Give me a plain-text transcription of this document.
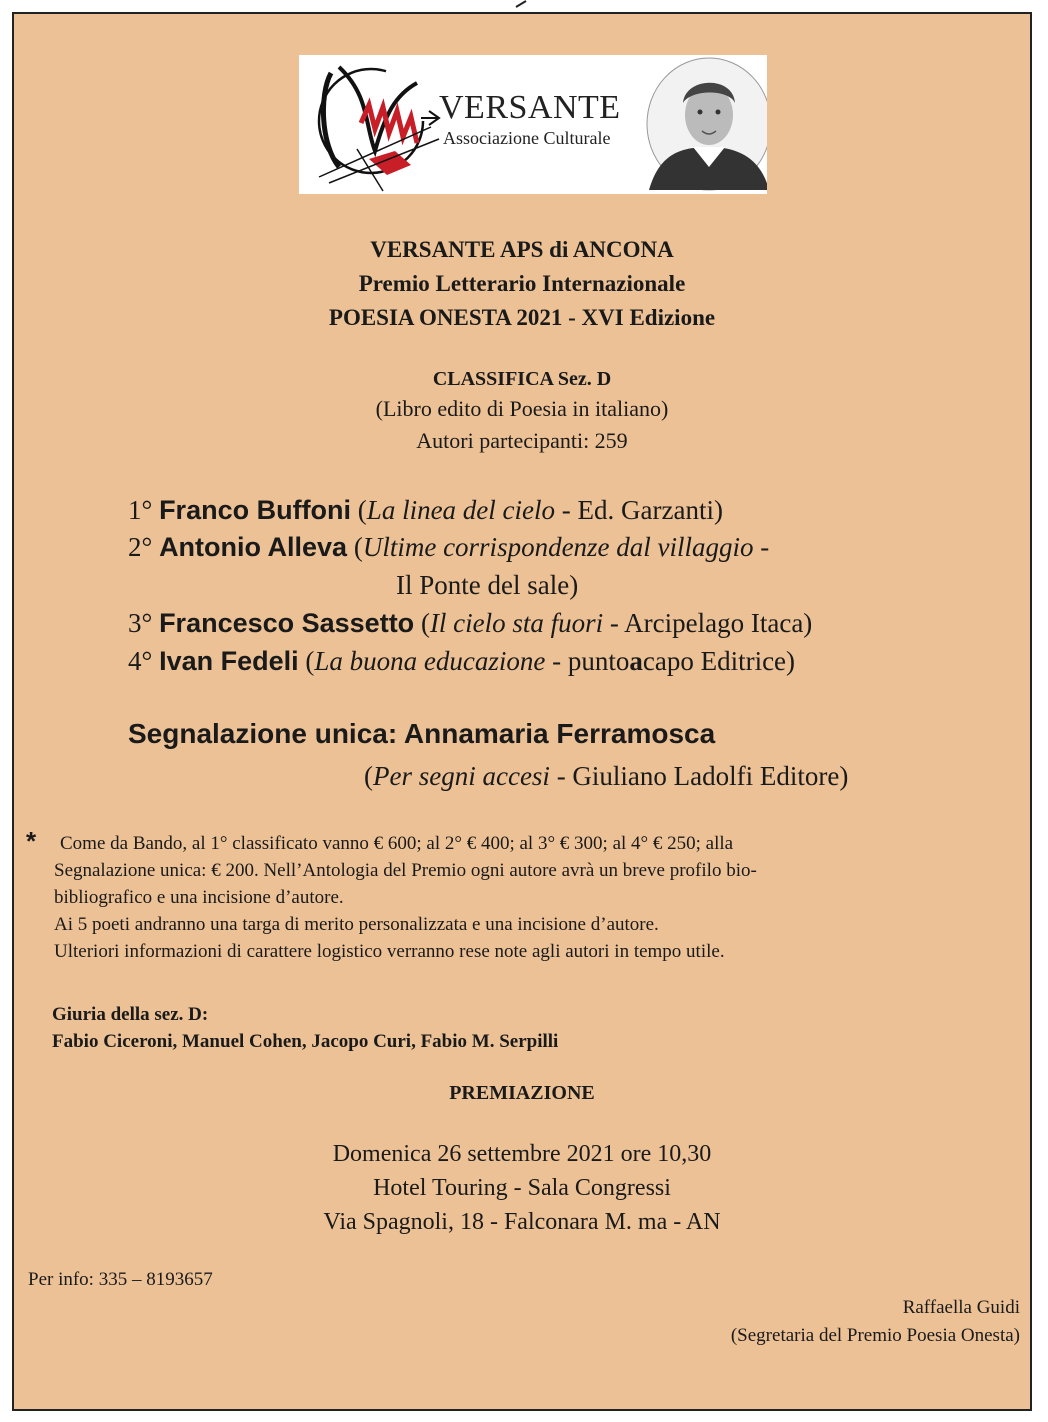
VERSANTE
Associazione Culturale
VERSANTE APS di ANCONA
Premio Letterario Internazionale
POESIA ONESTA 2021 - XVI Edizione
CLASSIFICA Sez. D
(Libro edito di Poesia in italiano)
Autori partecipanti: 259
1° Franco Buffoni (La linea del cielo - Ed. Garzanti)
2° Antonio Alleva (Ultime corrispondenze dal villaggio -
Il Ponte del sale)
3° Francesco Sassetto (Il cielo sta fuori - Arcipelago Itaca)
4° Ivan Fedeli (La buona educazione - puntoacapo Editrice)
Segnalazione unica: Annamaria Ferramosca
(Per segni accesi - Giuliano Ladolfi Editore)
*	Come da Bando, al 1° classificato vanno € 600; al 2° € 400; al 3° € 300; al 4° € 250; alla
Segnalazione unica: € 200. Nell’Antologia del Premio ogni autore avrà un breve profilo bio-
bibliografico e una incisione d’autore.
Ai 5 poeti andranno una targa di merito personalizzata e una incisione d’autore.
Ulteriori informazioni di carattere logistico verranno rese note agli autori in tempo utile.
Giuria della sez. D:
Fabio Ciceroni, Manuel Cohen, Jacopo Curi, Fabio M. Serpilli
PREMIAZIONE
Domenica 26 settembre 2021 ore 10,30
Hotel Touring - Sala Congressi
Via Spagnoli, 18 - Falconara M. ma - AN
Per info: 335 – 8193657
Raffaella Guidi
(Segretaria del Premio Poesia Onesta)
